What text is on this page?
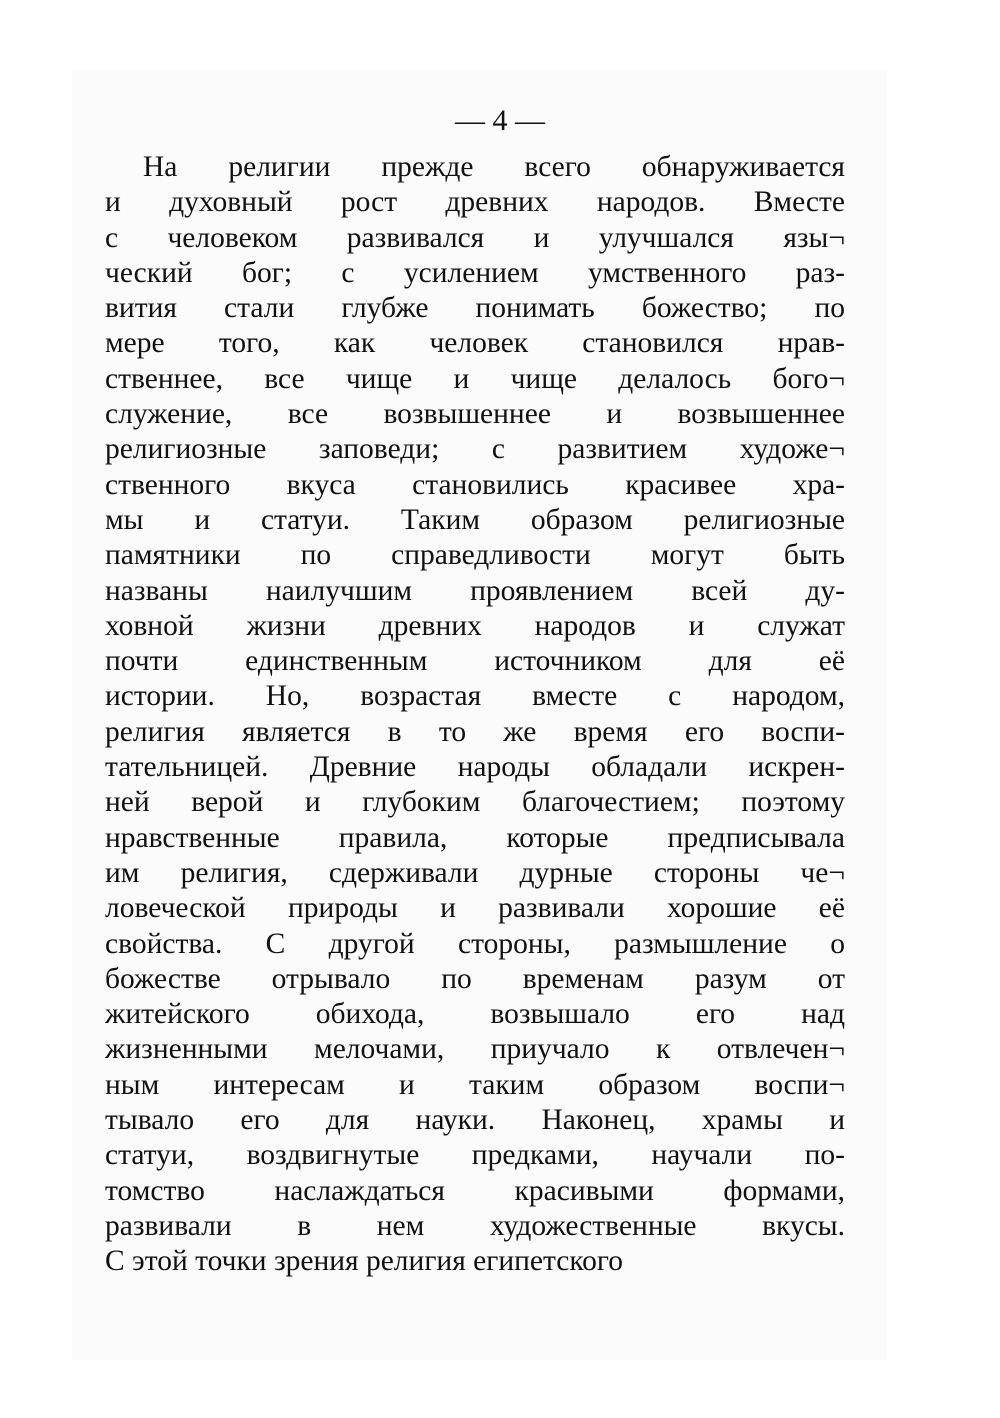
— 4 —
На религии прежде всего обнаруживается
и духовный рост древних народов. Вместе
с человеком развивался и улучшался язы¬
ческий бог; с усилением умственного раз-
вития стали глубже понимать божество; по
мере того, как человек становился нрав-
ственнее, все чище и чище делалось бого¬
служение, все возвышеннее и возвышеннее
религиозные заповеди; с развитием художе¬
ственного вкуса становились красивее хра-
мы и статуи. Таким образом религиозные
памятники по справедливости могут быть
названы наилучшим проявлением всей ду-
ховной жизни древних народов и служат
почти единственным источником для её
истории. Но, возрастая вместе с народом,
религия является в то же время его воспи-
тательницей. Древние народы обладали искрен-
ней верой и глубоким благочестием; поэтому
нравственные правила, которые предписывала
им религия, сдерживали дурные стороны че¬
ловеческой природы и развивали хорошие её
свойства. С другой стороны, размышление о
божестве отрывало по временам разум от
житейского обихода, возвышало его над
жизненными мелочами, приучало к отвлечен¬
ным интересам и таким образом воспи¬
тывало его для науки. Наконец, храмы и
статуи, воздвигнутые предками, научали по-
томство наслаждаться красивыми формами,
развивали в нем художественные вкусы.
С этой точки зрения религия египетского
